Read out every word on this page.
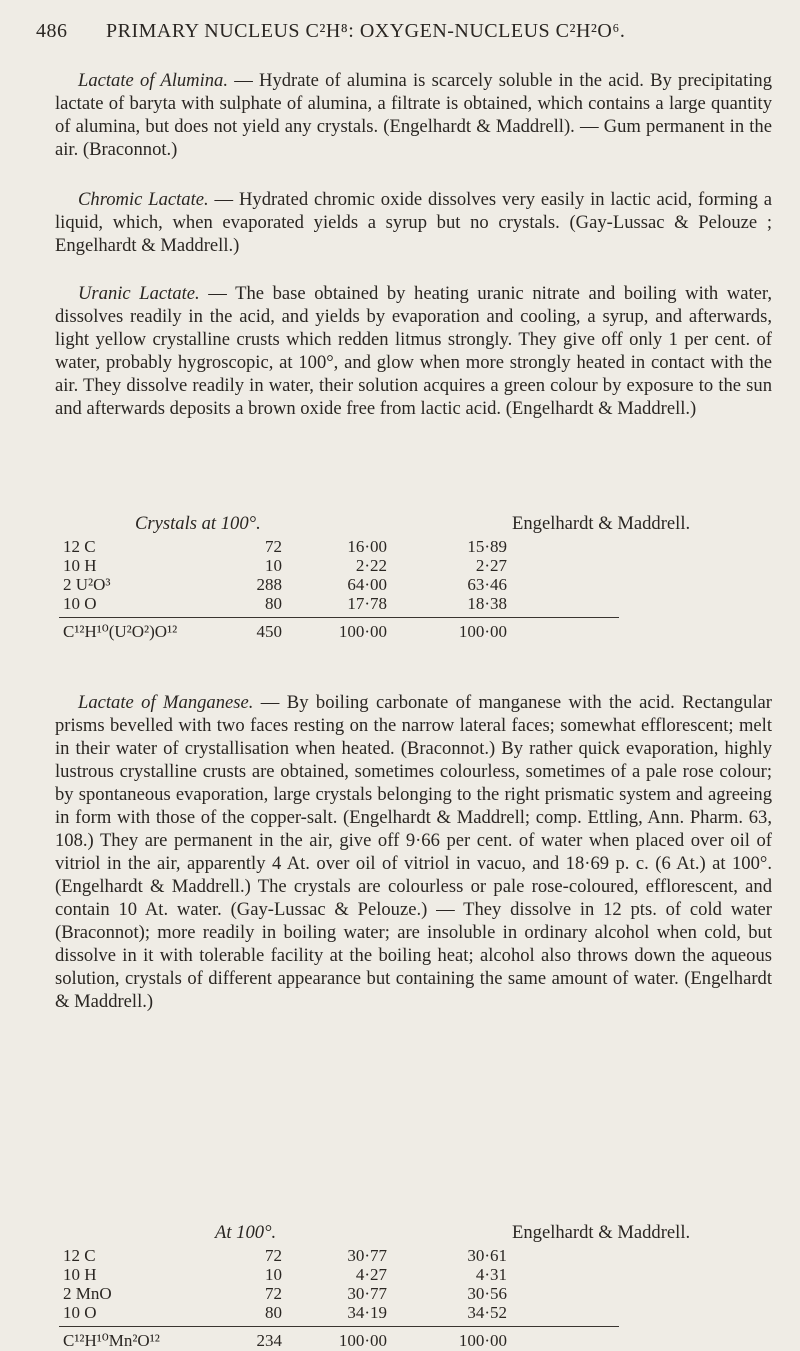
486 PRIMARY NUCLEUS C²H⁸: OXYGEN-NUCLEUS C²H²O⁶.

Lactate of Alumina. — Hydrate of alumina is scarcely soluble in the acid. By precipitating lactate of baryta with sulphate of alumina, a filtrate is obtained, which contains a large quantity of alumina, but does not yield any crystals. (Engelhardt & Maddrell). — Gum permanent in the air. (Braconnot.)

Chromic Lactate. — Hydrated chromic oxide dissolves very easily in lactic acid, forming a liquid, which, when evaporated yields a syrup but no crystals. (Gay-Lussac & Pelouze ; Engelhardt & Maddrell.)

Uranic Lactate. — The base obtained by heating uranic nitrate and boiling with water, dissolves readily in the acid, and yields by evaporation and cooling, a syrup, and afterwards, light yellow crystalline crusts which redden litmus strongly. They give off only 1 per cent. of water, probably hygroscopic, at 100°, and glow when more strongly heated in contact with the air. They dissolve readily in water, their solution acquires a green colour by exposure to the sun and afterwards deposits a brown oxide free from lactic acid. (Engelhardt & Maddrell.)

Crystals at 100°.	Engelhardt & Maddrell.
12 C	72	16·00	15·89
10 H	10	2·22	2·27
2 U²O³	288	64·00	63·46
10 O	80	17·78	18·38
C¹²H¹⁰(U²O²)O¹²	450	100·00	100·00

Lactate of Manganese. — By boiling carbonate of manganese with the acid. Rectangular prisms bevelled with two faces resting on the narrow lateral faces; somewhat efflorescent; melt in their water of crystallisation when heated. (Braconnot.) By rather quick evaporation, highly lustrous crystalline crusts are obtained, sometimes colourless, sometimes of a pale rose colour; by spontaneous evaporation, large crystals belonging to the right prismatic system and agreeing in form with those of the copper-salt. (Engelhardt & Maddrell; comp. Ettling, Ann. Pharm. 63, 108.) They are permanent in the air, give off 9·66 per cent. of water when placed over oil of vitriol in the air, apparently 4 At. over oil of vitriol in vacuo, and 18·69 p. c. (6 At.) at 100°. (Engelhardt & Maddrell.) The crystals are colourless or pale rose-coloured, efflorescent, and contain 10 At. water. (Gay-Lussac & Pelouze.) — They dissolve in 12 pts. of cold water (Braconnot); more readily in boiling water; are insoluble in ordinary alcohol when cold, but dissolve in it with tolerable facility at the boiling heat; alcohol also throws down the aqueous solution, crystals of different appearance but containing the same amount of water. (Engelhardt & Maddrell.)

At 100°.	Engelhardt & Maddrell.
12 C	72	30·77	30·61
10 H	10	4·27	4·31
2 MnO	72	30·77	30·56
10 O	80	34·19	34·52
C¹²H¹⁰Mn²O¹²	234	100·00	100·00
